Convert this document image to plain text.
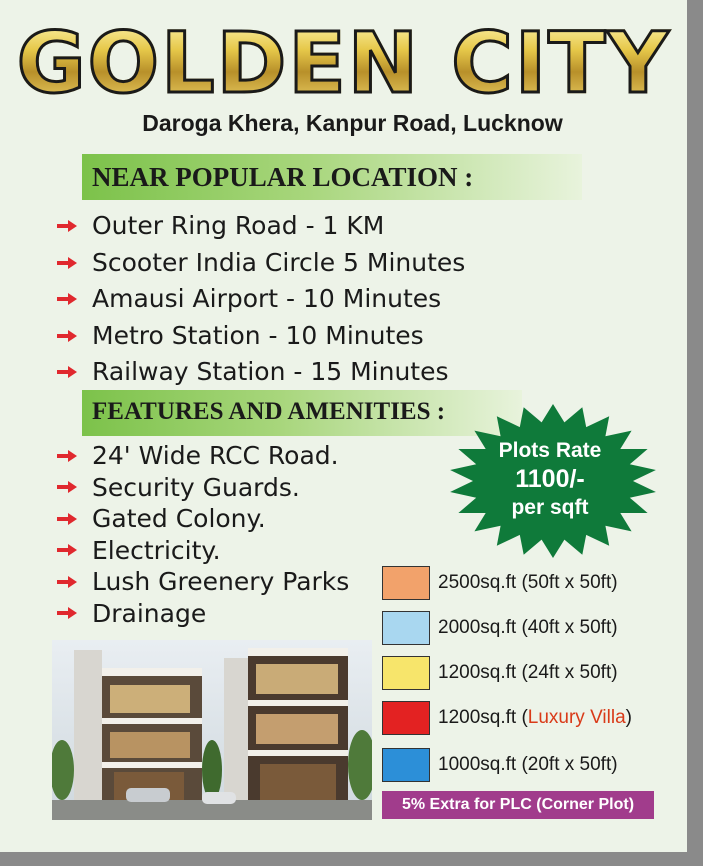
GOLDEN CITY
Daroga Khera, Kanpur Road, Lucknow
NEAR POPULAR LOCATION :
Outer Ring Road - 1 KM
Scooter India Circle 5 Minutes
Amausi Airport - 10 Minutes
Metro Station - 10 Minutes
Railway Station - 15 Minutes
FEATURES AND AMENITIES :
24' Wide RCC Road.
Security Guards.
Gated Colony.
Electricity.
Lush Greenery Parks
Drainage
Plots Rate
1100/-
per sqft
2500sq.ft (50ft x 50ft)
2000sq.ft (40ft x 50ft)
1200sq.ft (24ft x 50ft)
1200sq.ft (Luxury Villa)
1000sq.ft (20ft x 50ft)
5% Extra for PLC (Corner Plot)
